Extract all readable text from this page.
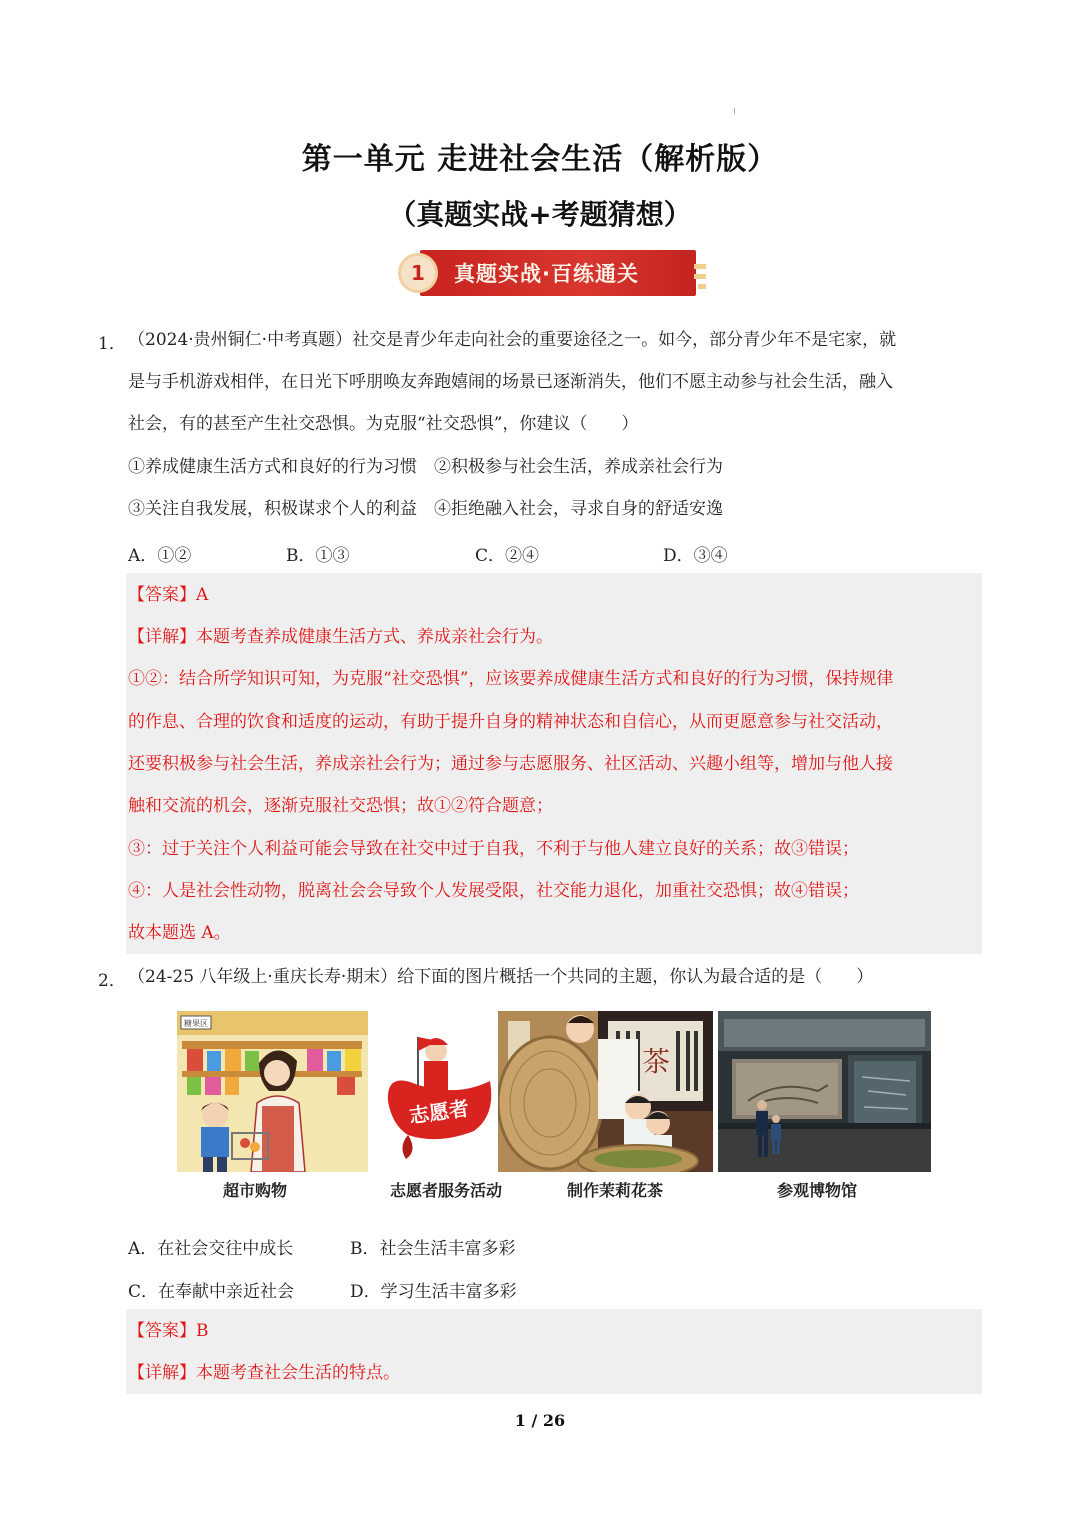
第一单元 走进社会生活（解析版）
（真题实战+考题猜想）
1	真题实战·百练通关
1． （2024·贵州铜仁·中考真题）社交是青少年走向社会的重要途径之一。如今，部分青少年不是宅家，就
是与手机游戏相伴，在日光下呼朋唤友奔跑嬉闹的场景已逐渐消失，他们不愿主动参与社会生活，融入
社会，有的甚至产生社交恐惧。为克服“社交恐惧”，你建议（　　）
①养成健康生活方式和良好的行为习惯　②积极参与社会生活，养成亲社会行为
③关注自我发展，积极谋求个人的利益　④拒绝融入社会，寻求自身的舒适安逸
A．①②	B．①③	C．②④	D．③④
【答案】A
【详解】本题考查养成健康生活方式、养成亲社会行为。
①②：结合所学知识可知，为克服“社交恐惧”，应该要养成健康生活方式和良好的行为习惯，保持规律
的作息、合理的饮食和适度的运动，有助于提升自身的精神状态和自信心，从而更愿意参与社交活动，
还要积极参与社会生活，养成亲社会行为；通过参与志愿服务、社区活动、兴趣小组等，增加与他人接
触和交流的机会，逐渐克服社交恐惧；故①②符合题意；
③：过于关注个人利益可能会导致在社交中过于自我，不利于与他人建立良好的关系；故③错误；
④：人是社会性动物，脱离社会会导致个人发展受限，社交能力退化，加重社交恐惧；故④错误；
故本题选 A。
2． （24-25 八年级上·重庆长寿·期末）给下面的图片概括一个共同的主题，你认为最合适的是（　　）
糖果区
志愿者
茶
超市购物	志愿者服务活动	制作茉莉花茶	参观博物馆
A．在社会交往中成长	B．社会生活丰富多彩
C．在奉献中亲近社会	D．学习生活丰富多彩
【答案】B
【详解】本题考查社会生活的特点。
1 / 26
